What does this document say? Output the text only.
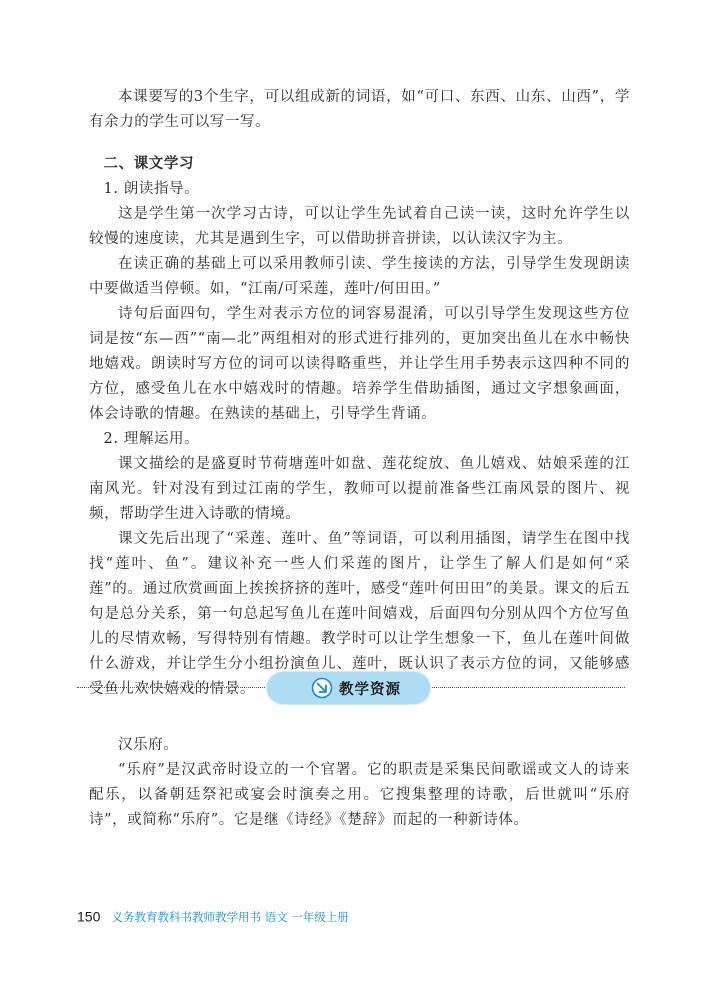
本课要写的3个生字，可以组成新的词语，如“可口、东西、山东、山西”，学有余力的学生可以写一写。

二、课文学习

1. 朗读指导。

这是学生第一次学习古诗，可以让学生先试着自己读一读，这时允许学生以较慢的速度读，尤其是遇到生字，可以借助拼音拼读，以认读汉字为主。

在读正确的基础上可以采用教师引读、学生接读的方法，引导学生发现朗读中要做适当停顿。如，“江南/可采莲，莲叶/何田田。”

诗句后面四句，学生对表示方位的词容易混淆，可以引导学生发现这些方位词是按“东—西”“南—北”两组相对的形式进行排列的，更加突出鱼儿在水中畅快地嬉戏。朗读时写方位的词可以读得略重些，并让学生用手势表示这四种不同的方位，感受鱼儿在水中嬉戏时的情趣。培养学生借助插图，通过文字想象画面，体会诗歌的情趣。在熟读的基础上，引导学生背诵。

2. 理解运用。

课文描绘的是盛夏时节荷塘莲叶如盘、莲花绽放、鱼儿嬉戏、姑娘采莲的江南风光。针对没有到过江南的学生，教师可以提前准备些江南风景的图片、视频，帮助学生进入诗歌的情境。

课文先后出现了“采莲、莲叶、鱼”等词语，可以利用插图，请学生在图中找找“莲叶、鱼”。建议补充一些人们采莲的图片，让学生了解人们是如何“采莲”的。通过欣赏画面上挨挨挤挤的莲叶，感受“莲叶何田田”的美景。课文的后五句是总分关系，第一句总起写鱼儿在莲叶间嬉戏，后面四句分别从四个方位写鱼儿的尽情欢畅，写得特别有情趣。教学时可以让学生想象一下，鱼儿在莲叶间做什么游戏，并让学生分小组扮演鱼儿、莲叶，既认识了表示方位的词，又能够感受鱼儿欢快嬉戏的情景。	教学资源

汉乐府。

“乐府”是汉武帝时设立的一个官署。它的职责是采集民间歌谣或文人的诗来配乐，以备朝廷祭祀或宴会时演奏之用。它搜集整理的诗歌，后世就叫“乐府诗”，或简称“乐府”。它是继《诗经》《楚辞》而起的一种新诗体。

150 义务教育教科书教师教学用书 语文 一年级上册
